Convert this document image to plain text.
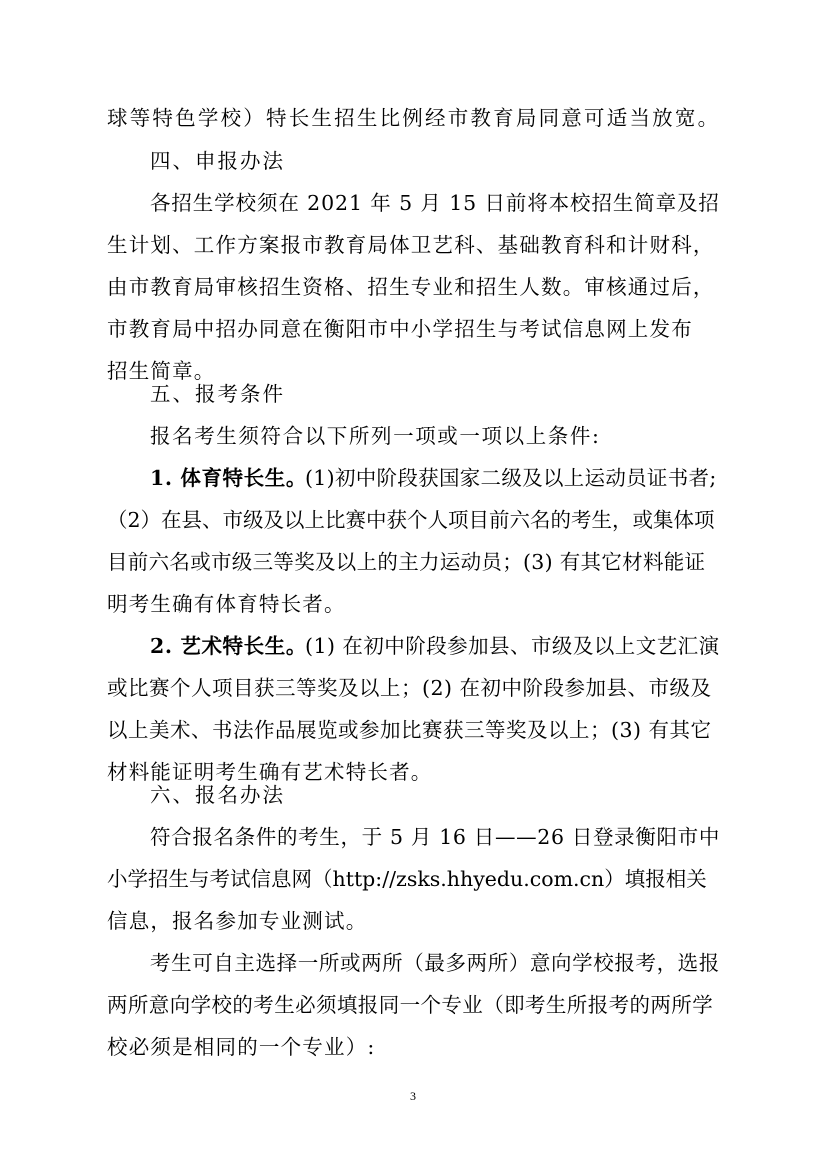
球等特色学校）特长生招生比例经市教育局同意可适当放宽。
四、申报办法
各招生学校须在 2021 年 5 月 15 日前将本校招生简章及招
生计划、工作方案报市教育局体卫艺科、基础教育科和计财科，
由市教育局审核招生资格、招生专业和招生人数。审核通过后，
市教育局中招办同意在衡阳市中小学招生与考试信息网上发布
招生简章。
五、报考条件
报名考生须符合以下所列一项或一项以上条件:
1. 体育特长生。
(1)初中阶段获国家二级及以上运动员证书者;
（2）在县、市级及以上比赛中获个人项目前六名的考生，或集体项
目前六名或市级三等奖及以上的主力运动员；(3) 有其它材料能证
明考生确有体育特长者。
2. 艺术特长生。
(1) 在初中阶段参加县、市级及以上文艺汇演
或比赛个人项目获三等奖及以上；(2) 在初中阶段参加县、市级及
以上美术、书法作品展览或参加比赛获三等奖及以上；(3) 有其它
材料能证明考生确有艺术特长者。
六、报名办法
符合报名条件的考生，于 5 月 16 日——26 日登录衡阳市中
小学招生与考试信息网（http://zsks.hhyedu.com.cn）填报相关
信息，报名参加专业测试。
考生可自主选择一所或两所（最多两所）意向学校报考，选报
两所意向学校的考生必须填报同一个专业（即考生所报考的两所学
校必须是相同的一个专业）:
3
